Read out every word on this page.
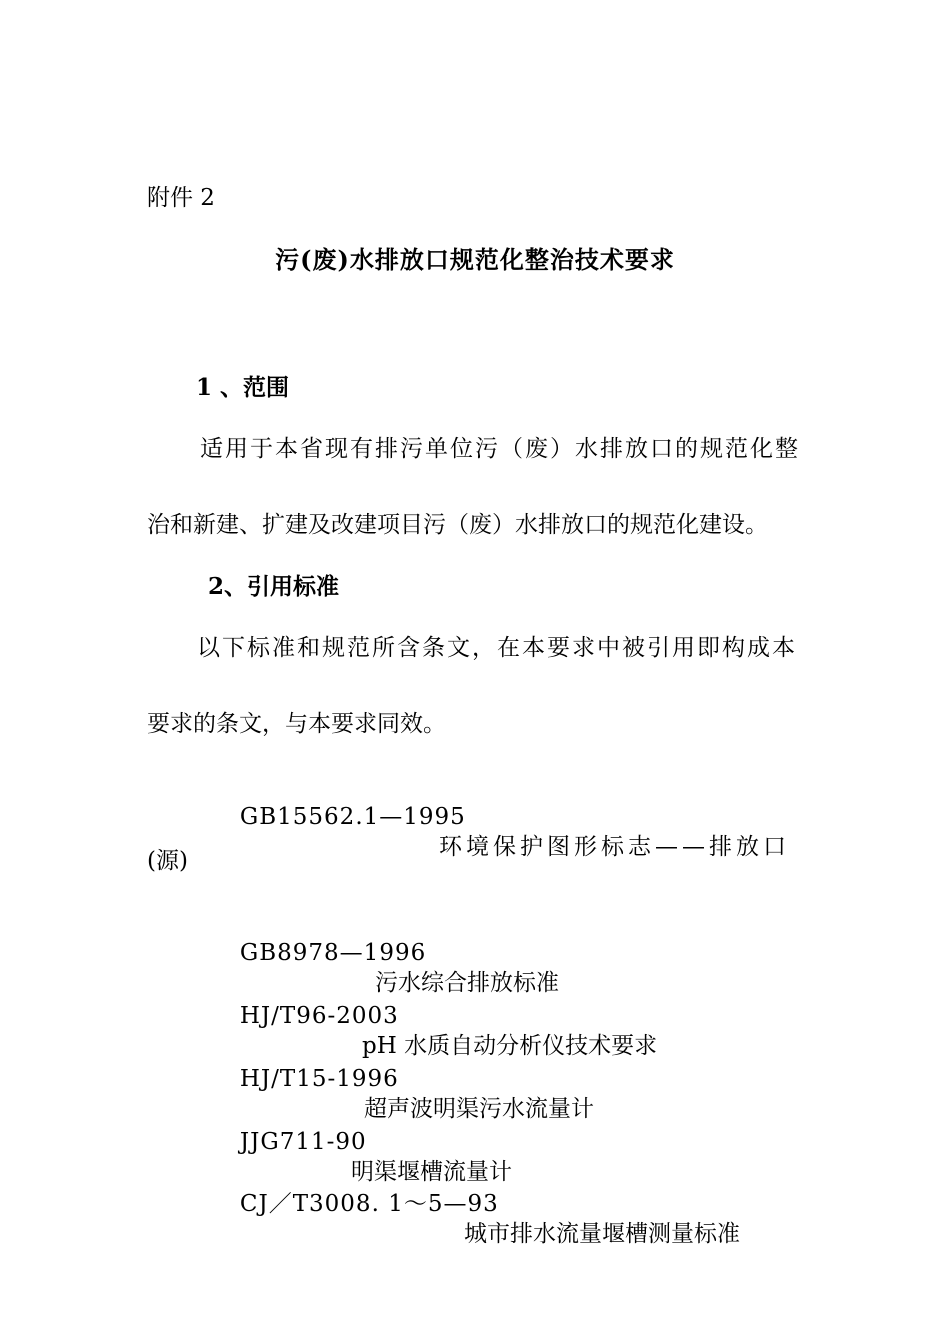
附件 2
污(废)水排放口规范化整治技术要求
1 、范围
适用于本省现有排污单位污（废）水排放口的规范化整
治和新建、扩建及改建项目污（废）水排放口的规范化建设。
2、引用标准
以下标准和规范所含条文，在本要求中被引用即构成本
要求的条文，与本要求同效。

GB15562.1—1995

环境保护图形标志——排放口

(源)

GB8978—1996

污水综合排放标准

HJ/T96-2003

pH 水质自动分析仪技术要求

HJ/T15-1996

超声波明渠污水流量计

JJG711-90

明渠堰槽流量计

CJ／T3008. 1～5—93

城市排水流量堰槽测量标准
